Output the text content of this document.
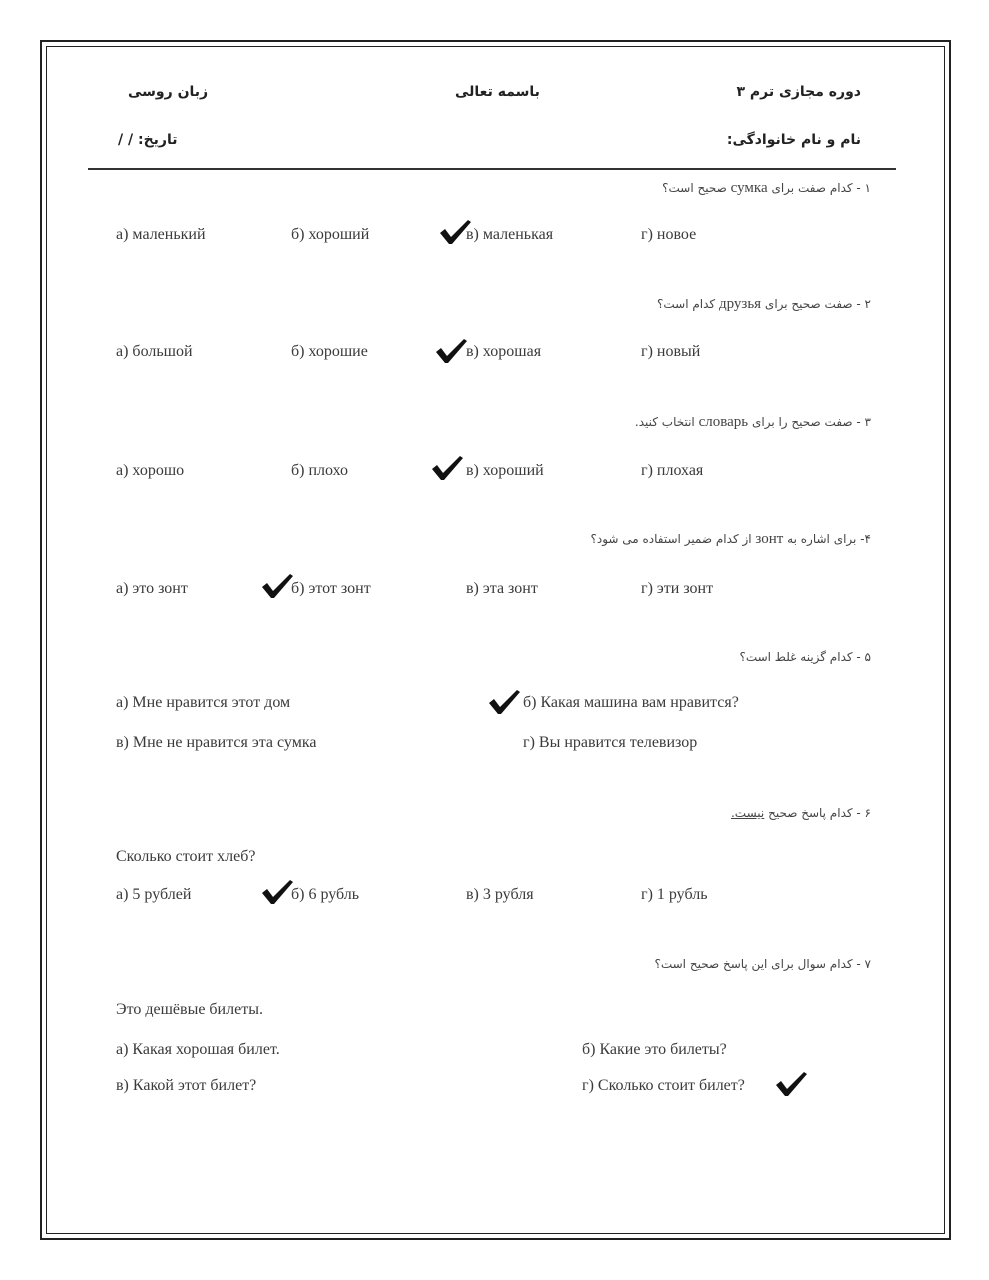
دوره مجازی ترم ۳
باسمه تعالی
زبان روسی
نام و نام خانوادگی:
تاریخ: / /
۱ - کدام صفت برای сумка صحیح است؟
а) маленький	б) хороший	в) маленькая	г) новое
۲ - صفت صحیح برای друзья کدام است؟
а) большой	б) хорошие	в) хорошая	г) новый
۳ - صفت صحیح را برای словарь انتخاب کنید.
а) хорошо	б) плохо	в) хороший	г) плохая
۴- برای اشاره به зонт از کدام ضمیر استفاده می شود؟
а) это зонт	б) этот зонт	в) эта зонт	г) эти зонт
۵ - کدام گزینه غلط است؟
а) Мне нравится этот дом	б) Какая машина вам нравится?
в) Мне не нравится эта сумка	г) Вы нравится телевизор
۶ - کدام پاسخ صحیح نیست.
Сколько стоит хлеб?
а) 5 рублей	б) 6 рубль	в) 3 рубля	г) 1 рубль
۷ - کدام سوال برای این پاسخ صحیح است؟
Это дешёвые билеты.
а) Какая хорошая билет.	б) Какие это билеты?
в) Какой этот билет?	г) Сколько стоит билет?
